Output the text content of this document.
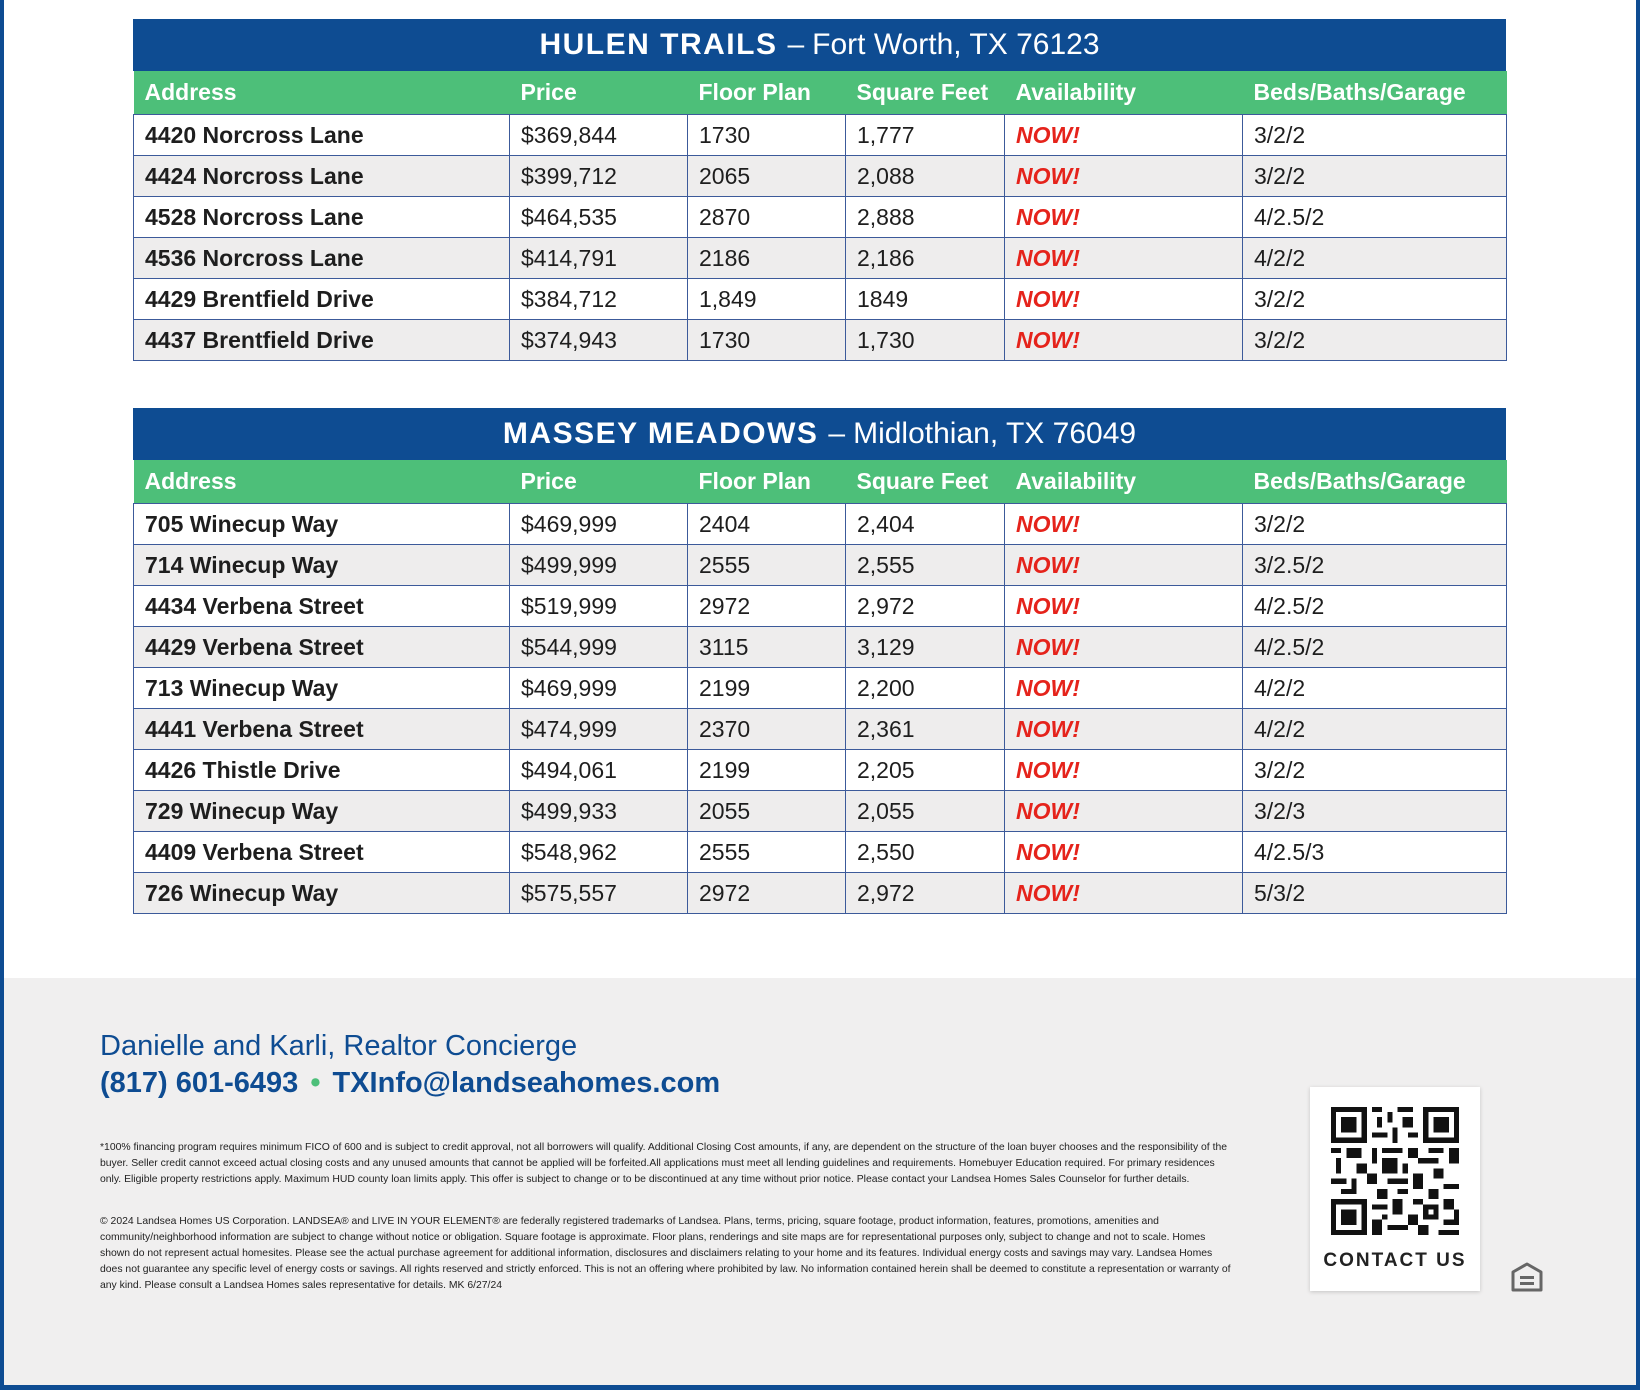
HULEN TRAILS – Fort Worth, TX 76123
Address	Price	Floor Plan	Square Feet	Availability	Beds/Baths/Garage
4420 Norcross Lane	$369,844	1730	1,777	NOW!	3/2/2
4424 Norcross Lane	$399,712	2065	2,088	NOW!	3/2/2
4528 Norcross Lane	$464,535	2870	2,888	NOW!	4/2.5/2
4536 Norcross Lane	$414,791	2186	2,186	NOW!	4/2/2
4429 Brentfield Drive	$384,712	1,849	1849	NOW!	3/2/2
4437 Brentfield Drive	$374,943	1730	1,730	NOW!	3/2/2
MASSEY MEADOWS – Midlothian, TX 76049
Address	Price	Floor Plan	Square Feet	Availability	Beds/Baths/Garage
705 Winecup Way	$469,999	2404	2,404	NOW!	3/2/2
714 Winecup Way	$499,999	2555	2,555	NOW!	3/2.5/2
4434 Verbena Street	$519,999	2972	2,972	NOW!	4/2.5/2
4429 Verbena Street	$544,999	3115	3,129	NOW!	4/2.5/2
713 Winecup Way	$469,999	2199	2,200	NOW!	4/2/2
4441 Verbena Street	$474,999	2370	2,361	NOW!	4/2/2
4426 Thistle Drive	$494,061	2199	2,205	NOW!	3/2/2
729 Winecup Way	$499,933	2055	2,055	NOW!	3/2/3
4409 Verbena Street	$548,962	2555	2,550	NOW!	4/2.5/3
726 Winecup Way	$575,557	2972	2,972	NOW!	5/3/2
Danielle and Karli, Realtor Concierge
(817) 601-6493 • TXInfo@landseahomes.com
*100% financing program requires minimum FICO of 600 and is subject to credit approval, not all borrowers will qualify. Additional Closing Cost amounts, if any, are dependent on the structure of the loan buyer chooses and the responsibility of the buyer. Seller credit cannot exceed actual closing costs and any unused amounts that cannot be applied will be forfeited.All applications must meet all lending guidelines and requirements. Homebuyer Education required. For primary residences only. Eligible property restrictions apply. Maximum HUD county loan limits apply. This offer is subject to change or to be discontinued at any time without prior notice. Please contact your Landsea Homes Sales Counselor for further details.
© 2024 Landsea Homes US Corporation. LANDSEA® and LIVE IN YOUR ELEMENT® are federally registered trademarks of Landsea. Plans, terms, pricing, square footage, product information, features, promotions, amenities and community/neighborhood information are subject to change without notice or obligation. Square footage is approximate. Floor plans, renderings and site maps are for representational purposes only, subject to change and not to scale. Homes shown do not represent actual homesites. Please see the actual purchase agreement for additional information, disclosures and disclaimers relating to your home and its features. Individual energy costs and savings may vary. Landsea Homes does not guarantee any specific level of energy costs or savings. All rights reserved and strictly enforced. This is not an offering where prohibited by law. No information contained herein shall be deemed to constitute a representation or warranty of any kind. Please consult a Landsea Homes sales representative for details. MK 6/27/24
CONTACT US
